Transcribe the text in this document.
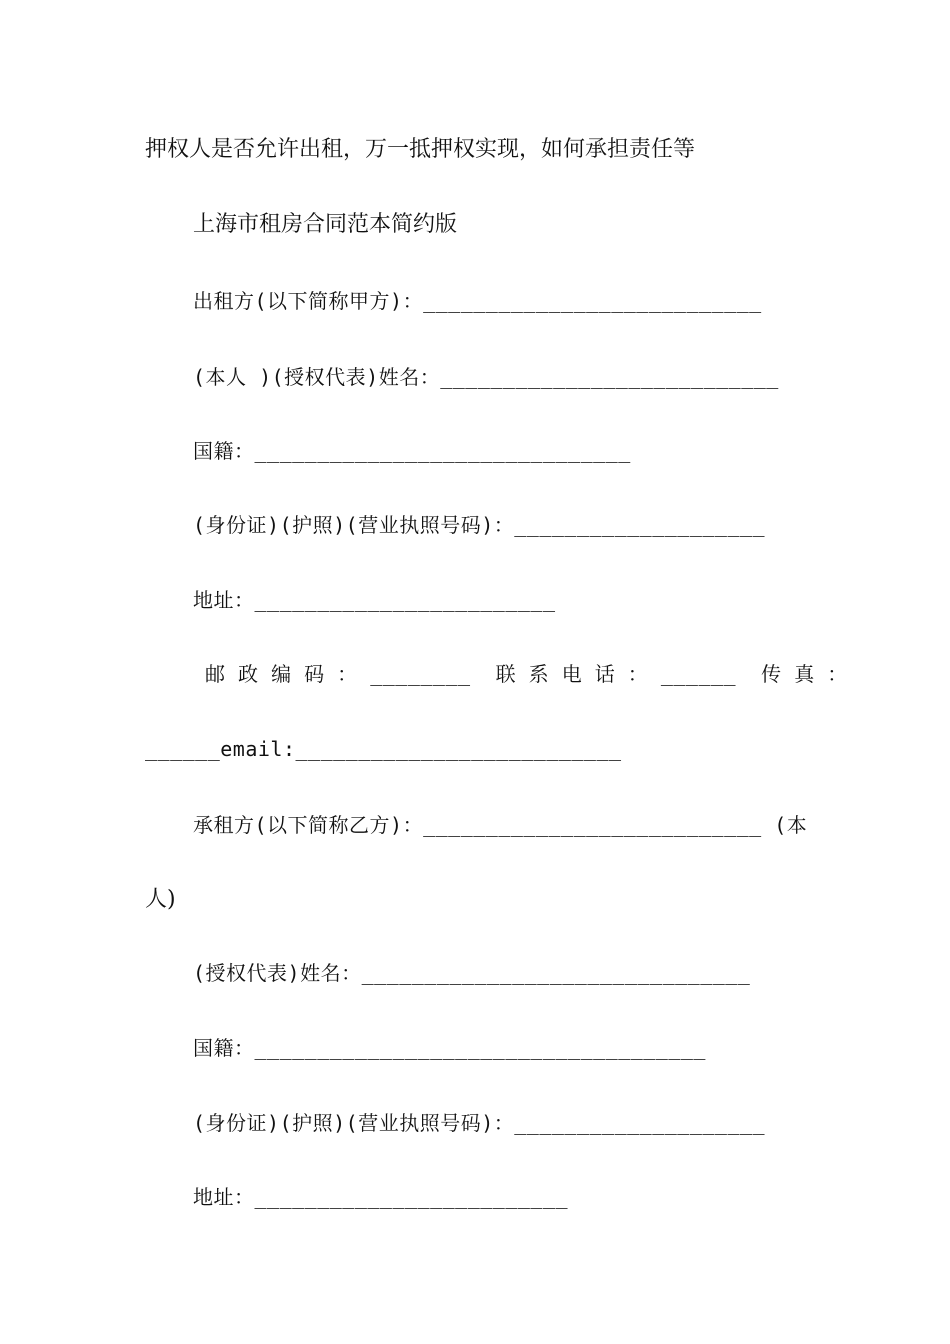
押权人是否允许出租，万一抵押权实现，如何承担责任等
上海市租房合同范本简约版
出租方(以下简称甲方)：___________________________
(本人 )(授权代表)姓名：___________________________
国籍：______________________________
(身份证)(护照)(营业执照号码)：____________________
地址：________________________
邮 政 编 码 ： ________  联 系 电 话 ： ______  传 真 ：
______email:__________________________
承租方(以下简称乙方)：___________________________ (本
人)
(授权代表)姓名：_______________________________
国籍：____________________________________
(身份证)(护照)(营业执照号码)：____________________
地址：_________________________
